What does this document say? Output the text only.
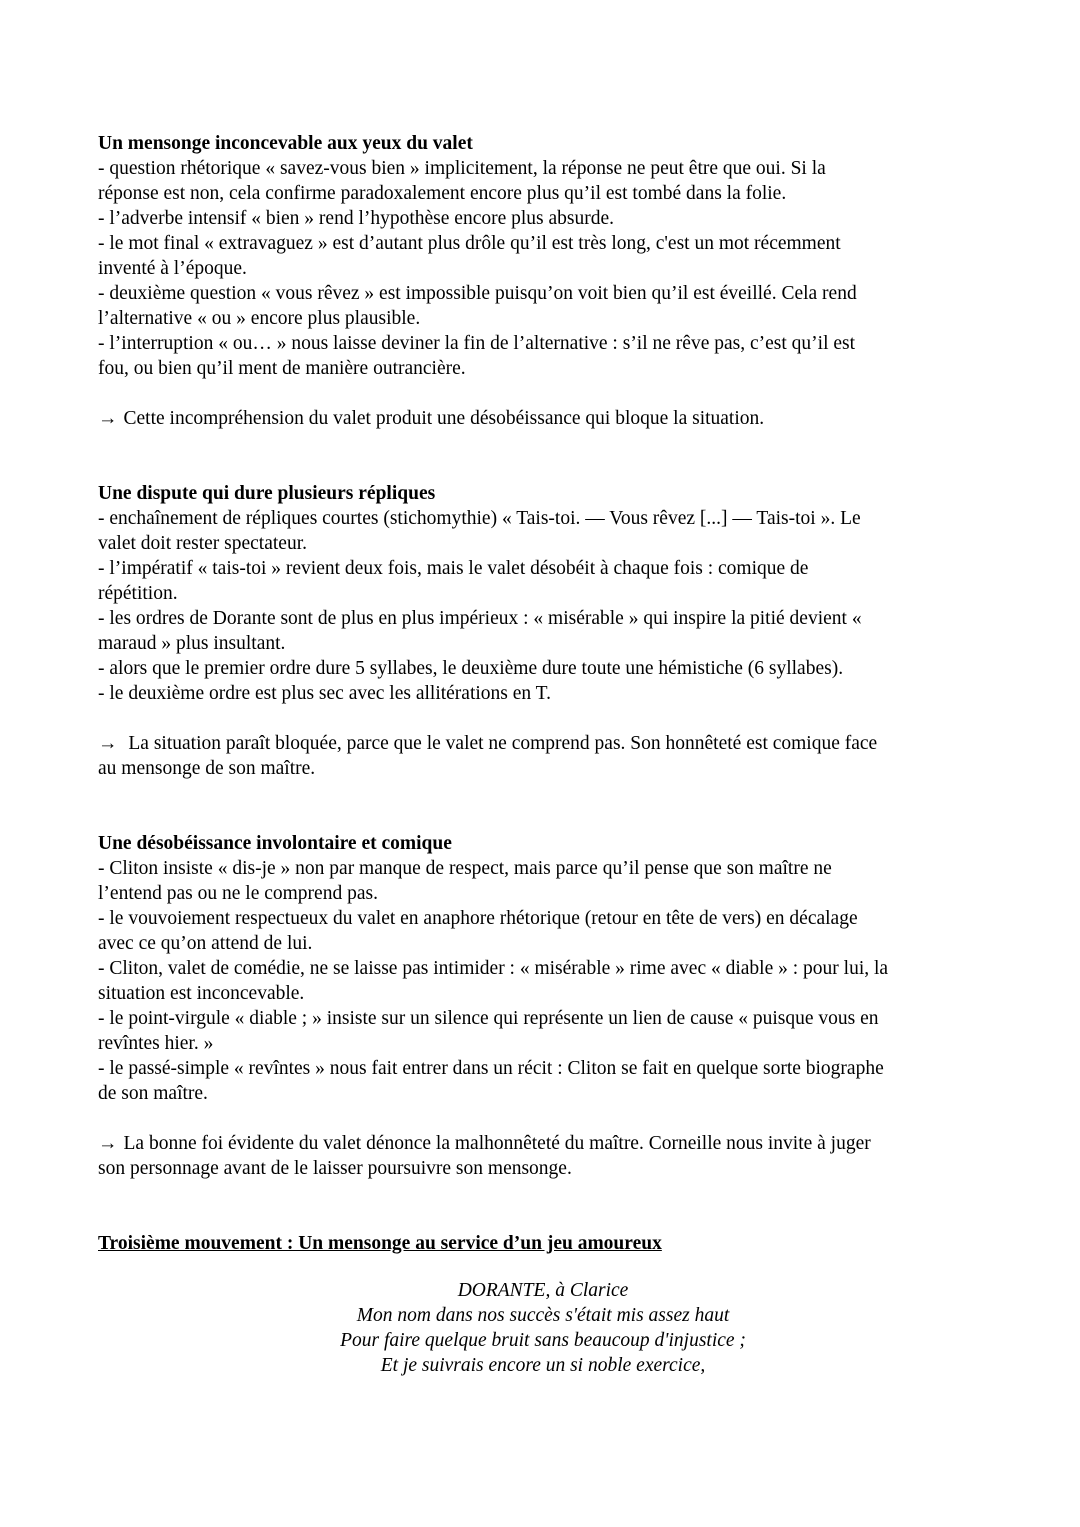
Un mensonge inconcevable aux yeux du valet

- question rhétorique « savez-vous bien » implicitement, la réponse ne peut être que oui. Si la

réponse est non, cela confirme paradoxalement encore plus qu’il est tombé dans la folie.

- l’adverbe intensif « bien » rend l’hypothèse encore plus absurde.

- le mot final « extravaguez » est d’autant plus drôle qu’il est très long, c'est un mot récemment

inventé à l’époque.

- deuxième question « vous rêvez » est impossible puisqu’on voit bien qu’il est éveillé. Cela rend

l’alternative « ou » encore plus plausible.

- l’interruption « ou… » nous laisse deviner la fin de l’alternative : s’il ne rêve pas, c’est qu’il est

fou, ou bien qu’il ment de manière outrancière.

→ Cette incompréhension du valet produit une désobéissance qui bloque la situation.

Une dispute qui dure plusieurs répliques

- enchaînement de répliques courtes (stichomythie) « Tais-toi. — Vous rêvez [...] — Tais-toi ». Le

valet doit rester spectateur.

- l’impératif « tais-toi » revient deux fois, mais le valet désobéit à chaque fois : comique de

répétition.

- les ordres de Dorante sont de plus en plus impérieux : « misérable » qui inspire la pitié devient «

maraud » plus insultant.

- alors que le premier ordre dure 5 syllabes, le deuxième dure toute une hémistiche (6 syllabes).

- le deuxième ordre est plus sec avec les allitérations en T.

→ La situation paraît bloquée, parce que le valet ne comprend pas. Son honnêteté est comique face

au mensonge de son maître.

Une désobéissance involontaire et comique

- Cliton insiste « dis-je » non par manque de respect, mais parce qu’il pense que son maître ne

l’entend pas ou ne le comprend pas.

- le vouvoiement respectueux du valet en anaphore rhétorique (retour en tête de vers) en décalage

avec ce qu’on attend de lui.

- Cliton, valet de comédie, ne se laisse pas intimider : « misérable » rime avec « diable » : pour lui, la

situation est inconcevable.

- le point-virgule « diable ; » insiste sur un silence qui représente un lien de cause « puisque vous en

revîntes hier. »

- le passé-simple « revîntes » nous fait entrer dans un récit : Cliton se fait en quelque sorte biographe

de son maître.

→ La bonne foi évidente du valet dénonce la malhonnêteté du maître. Corneille nous invite à juger

son personnage avant de le laisser poursuivre son mensonge.

Troisième mouvement : Un mensonge au service d’un jeu amoureux

DORANTE, à Clarice

Mon nom dans nos succès s'était mis assez haut

Pour faire quelque bruit sans beaucoup d'injustice ;

Et je suivrais encore un si noble exercice,
